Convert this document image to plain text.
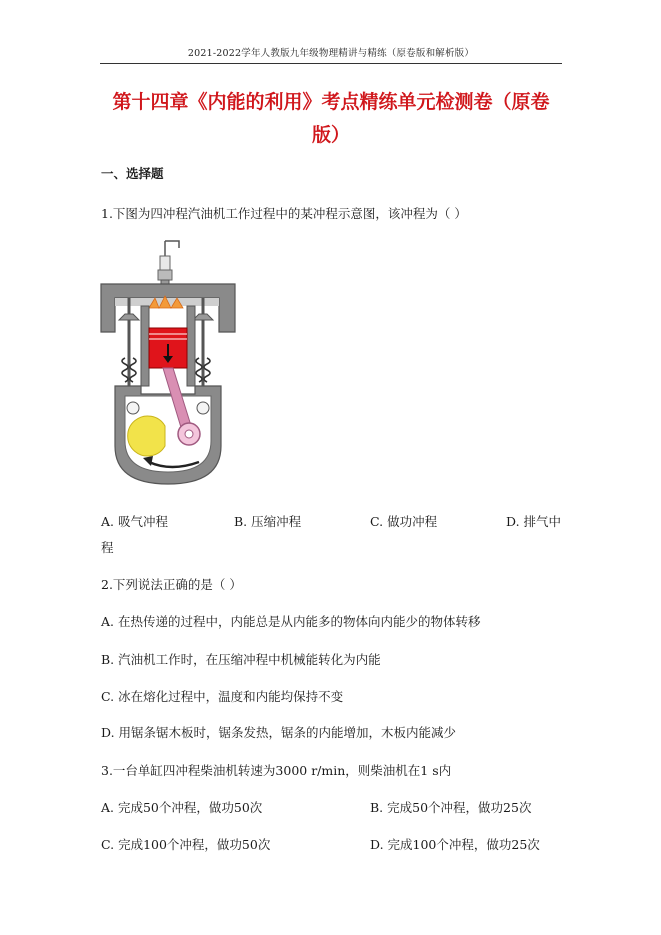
2021-2022学年人教版九年级物理精讲与精练（原卷版和解析版）
第十四章《内能的利用》考点精练单元检测卷（原卷
版）
一、选择题
1.下图为四冲程汽油机工作过程中的某冲程示意图，该冲程为（ ）
A. 吸气冲程	B. 压缩冲程	C. 做功冲程	D. 排气中
程
2.下列说法正确的是（ ）
A. 在热传递的过程中，内能总是从内能多的物体向内能少的物体转移
B. 汽油机工作时，在压缩冲程中机械能转化为内能
C. 冰在熔化过程中，温度和内能均保持不变
D. 用锯条锯木板时，锯条发热，锯条的内能增加，木板内能减少
3.一台单缸四冲程柴油机转速为3000 r/min，则柴油机在1 s内
A. 完成50个冲程，做功50次	B. 完成50个冲程，做功25次
C. 完成100个冲程，做功50次	D. 完成100个冲程，做功25次
